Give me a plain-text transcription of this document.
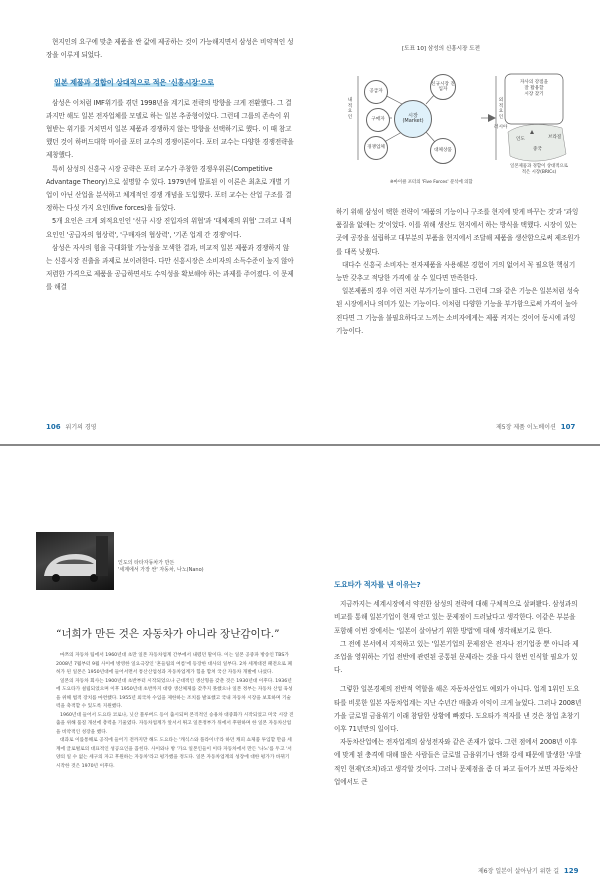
현지인의 요구에 맞춘 제품을 싼 값에 제공하는 것이 가능해지면서 삼성은 비약적인 성장을 이루게 되었다.

일본 제품과 경합이 상대적으로 적은 '신흥시장'으로

삼성은 이처럼 IMF위기를 겪던 1998년을 계기로 전략의 방향을 크게 전환했다. 그 결과지만 해도 일본 전자업체를 모델로 하는 일본 추종형이었다. 그런데 그룹의 존속이 위협받는 위기를 거치면서 일본 제품과 경쟁하지 않는 방향을 선택하기로 했다. 이 때 참고했던 것이 하버드대학 마이클 포터 교수의 경쟁이론이다. 포터 교수는 다양한 경쟁전략을 제창했다.

특히 삼성의 신흥국 시장 공략은 포터 교수가 주창한 경쟁우위론(Competitive Advantage Theory)으로 설명할 수 있다. 1979년에 발표된 이 이론은 최초로 개별 기업이 아닌 산업을 분석하고 체계적인 경쟁 개념을 도입했다. 포터 교수는 산업 구조를 결정하는 다섯 가지 요인(five forces)을 들었다.

5개 요인은 크게 외적요인인 '신규 시장 진입자의 위협'과 '대체재의 위협' 그리고 내적요인인 '공급자의 협상력', '구매자의 협상력', '기존 업계 간 경쟁'이다.

삼성은 자사의 힘을 극대화할 가능성을 모색한 결과, 비교적 일본 제품과 경쟁하지 않는 신흥시장 진출을 과제로 보이려한다. 다만 신흥시장은 소비자의 소득수준이 높지 않아 저렴한 가격으로 제품을 공급하면서도 수익성을 확보해야 하는 과제를 주어졌다. 이 문제를 해결

106 위기의 경영
[도표 10] 삼성의 신흥시장 도전
내적요인
외적요인
공급자
신규시장 진입자
구매자
시장
(Market)
대체상품
경쟁업체
자사의 강점을
잘 활용할
시장 찾기
러시아
중국
인도	브라질
일본제품과 경합이 상대적으로
적은 시장(BRICs)
※마이클 포터의 'Five Forces' 분석에 의함

하기 위해 삼성이 택한 전략이 '제품의 기능이나 구조를 현지에 맞게 바꾸는 것'과 '과잉 품질을 없애는 것'이었다. 이를 위해 생산도 현지에서 하는 방식을 택했다. 시장이 있는 곳에 공장을 설립하고 대부분의 부품을 현지에서 조달해 제품을 생산함으로써 제조원가를 대폭 낮췄다.

대다수 신흥국 소비자는 전자제품을 사용해본 경험이 거의 없어서 꼭 필요한 핵심기능만 갖추고 적당한 가격에 살 수 있다면 만족한다.

일본제품의 경우 이런 저런 부가기능이 많다. 그런데 그와 같은 기능은 일본처럼 성숙된 시장에서나 의미가 있는 기능이다. 이처럼 다양한 기능을 부가함으로써 가격이 높아진다면 그 기능을 불필요하다고 느끼는 소비자에게는 제품 켜지는 것이어 동시에 과잉기능이다.

제5장 제품 이노베이션 107
인도의 타타자동차가 만든
'세계에서 가장 싼' 자동차, 나노(Nano)
“너희가 만든 것은 자동차가 아니라 장난감이다.”

마쯔의 자동차 팀에서 1960년대 초만 일본 자동차업계 간부에서 내렸던 말이다. 이는 일본 공중파 방송인 TBS가 2008년 7월부터 9월 사이에 방영한 일요극장인 '흔들림의 여름'에 등장한 대사의 일부다. 2차 세계대전 패전으로 폐허가 된 일본은 1950년대에 들어서면서 통산산업성과 자동차업계가 힘을 합쳐 국산 자동차 개발에 나섰다.

일본의 자동차 회사는 1900년대 초반부터 시작되었으나 근대적인 생산형을 갖춘 것은 1930년대 이후다. 1936년에 도요타가 설립되었으며 이후 1950년대 초반까지 대량 생산체제를 갖추지 못했으나 일본 정부는 자동차 산업 육성을 위해 법적 장치를 마련했다. 1955년 외국차 수입을 제한하는 조치를 발표했고 국내 자동차 시장을 보호하며 기술력을 축적할 수 있도록 지원했다.

1960년대 들어서 도요타 코로나, 닛산 블루버드 등이 출시되며 본격적인 승용차 대중화가 시작되었고 미국 시장 진출을 위해 품질 개선에 총력을 기울였다. 자동차업계가 앞서서 뛰고 일본정부가 뒤에서 후원하며 한 일본 자동차산업을 비약적인 성장을 했다.

대과로 이를통해로 공직에 들어기 전까지만 해도 도요타는 '캐식스와 플라이너'라 하던 캐피 쇼제품 투입할 만큼 세계에 글로벌로의 대표적인 성공요인을 꼽힌다. 사이와나 방 '가요 일본인들이 이타 자동차에서 만든 '나노'를 두고 '서양의 일 수 없는 세구의 자고 후원하는 자동차'라고 평가했을 정도다. 일본 자동차업계의 성장에 대한 평가가 바뀌기 시작한 것은 1970년 이후다.

도요타가 적자를 낸 이유는?

지금까지는 세계시장에서 약진한 삼성의 전략에 대해 구체적으로 살펴봤다. 삼성과의 비교를 통해 일본기업이 현재 안고 있는 문제점이 드러났다고 생각한다. 이같은 부분을 포함해 이번 장에서는 '일본이 살아남기 위한 방법'에 대해 생각해보기로 한다.

그 전에 본서에서 지적하고 있는 '일본기업의 문제점'은 전자나 전기업종 뿐 아니라 제조업을 영위하는 기업 전반에 관련된 공통된 문제라는 것을 다시 한번 인식할 필요가 있다.

그렇한 일본경제의 전반적 역할을 해온 자동차산업도 예외가 아니다. 업계 1위인 도요타를 비롯한 일본 자동차업계는 지난 수년간 매출과 이익이 크게 늘었다. 그러나 2008년 가을 글로벌 금융위기 이래 참담한 상황에 빠졌다. 도요타가 적자를 낸 것은 창업 초창기 이후 71년만의 일이다.

자동차산업에는 전자업계의 삼성전자와 같은 존재가 없다. 그런 점에서 2008년 이후에 맞게 된 충격에 대해 많은 사람들은 글로벌 금융위기나 엔화 강세 때문에 발생한 '우발적인 현재'(조치)라고 생각할 것이다. 그러나 문제점을 좀 더 파고 들어가 보면 자동차산업에서도 큰

제6장 일본이 살아남기 위한 길 129
